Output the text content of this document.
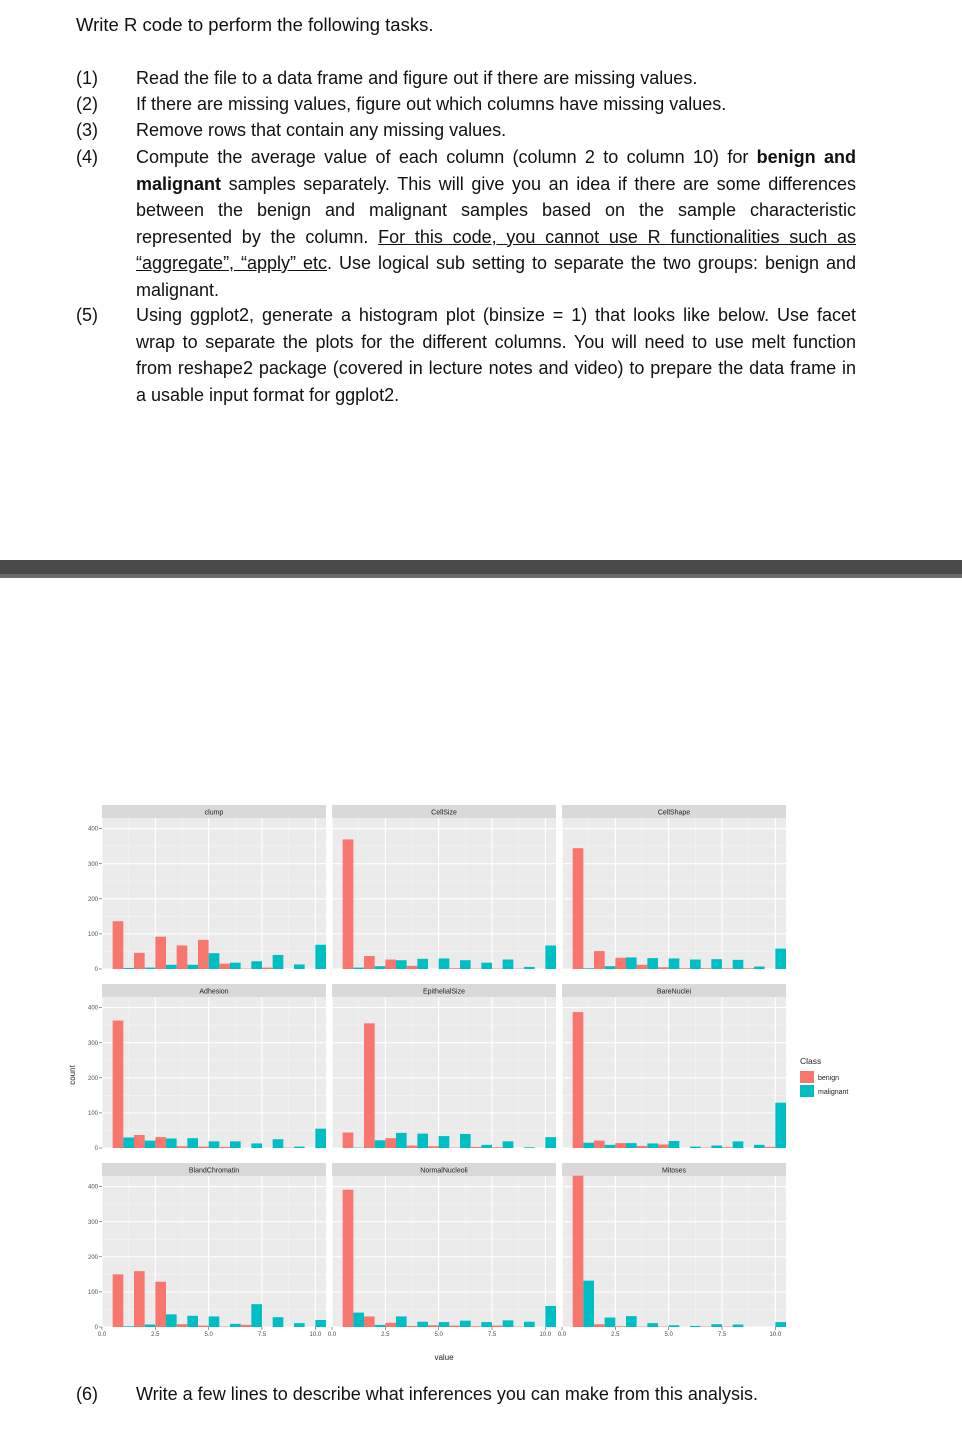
Write R code to perform the following tasks.
(1) Read the file to a data frame and figure out if there are missing values.
(2) If there are missing values, figure out which columns have missing values.
(3) Remove rows that contain any missing values.
(4) Compute the average value of each column (column 2 to column 10) for benign and malignant samples separately. This will give you an idea if there are some differences between the benign and malignant samples based on the sample characteristic represented by the column. For this code, you cannot use R functionalities such as “aggregate”, “apply” etc. Use logical sub setting to separate the two groups: benign and malignant.
(5) Using ggplot2, generate a histogram plot (binsize = 1) that looks like below. Use facet wrap to separate the plots for the different columns. You will need to use melt function from reshape2 package (covered in lecture notes and video) to prepare the data frame in a usable input format for ggplot2.
clump
0
100
200
300
400
CellSize	CellShape
Adhesion
0
100
200
300
400
EpithelialSize	BareNuclei
BlandChromatin
0
100
200
300
400
0.0	2.5	5.0	7.5	10.0
NormalNucleoli
0.0	2.5	5.0	7.5	10.0
Mitoses
0.0	2.5	5.0	7.5	10.0
value
count
Class
benign
malignant
(6) Write a few lines to describe what inferences you can make from this analysis.
